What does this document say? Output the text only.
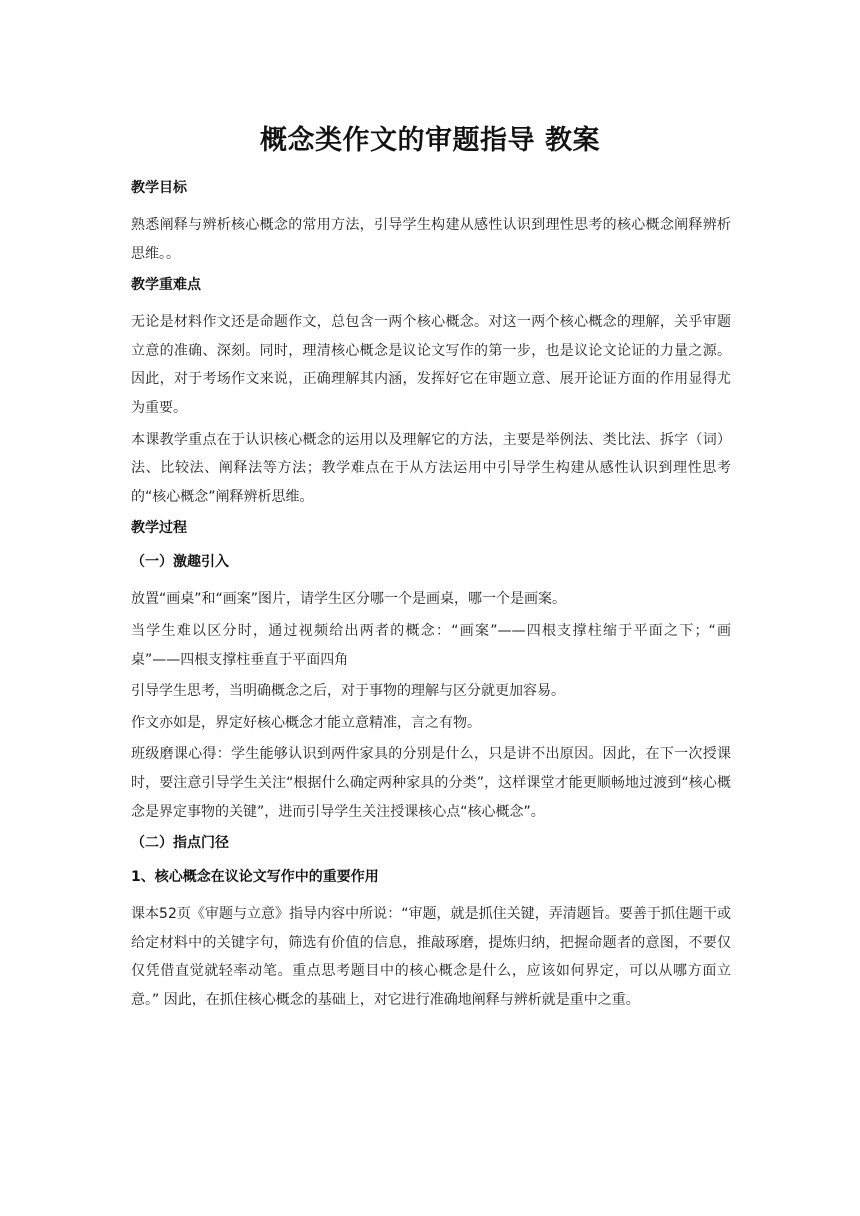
概念类作文的审题指导 教案

教学目标

熟悉阐释与辨析核心概念的常用方法，引导学生构建从感性认识到理性思考的核心概念阐释辨析思维。。

教学重难点

无论是材料作文还是命题作文，总包含一两个核心概念。对这一两个核心概念的理解，关乎审题立意的准确、深刻。同时，理清核心概念是议论文写作的第一步，也是议论文论证的力量之源。因此，对于考场作文来说，正确理解其内涵，发挥好它在审题立意、展开论证方面的作用显得尤为重要。

本课教学重点在于认识核心概念的运用以及理解它的方法，主要是举例法、类比法、拆字（词）法、比较法、阐释法等方法；教学难点在于从方法运用中引导学生构建从感性认识到理性思考的“核心概念”阐释辨析思维。

教学过程

（一）激趣引入

放置“画桌”和“画案”图片，请学生区分哪一个是画桌，哪一个是画案。

当学生难以区分时，通过视频给出两者的概念：“画案”——四根支撑柱缩于平面之下；“画桌”——四根支撑柱垂直于平面四角

引导学生思考，当明确概念之后，对于事物的理解与区分就更加容易。

作文亦如是，界定好核心概念才能立意精准，言之有物。

班级磨课心得：学生能够认识到两件家具的分别是什么，只是讲不出原因。因此，在下一次授课时，要注意引导学生关注“根据什么确定两种家具的分类”，这样课堂才能更顺畅地过渡到“核心概念是界定事物的关键”，进而引导学生关注授课核心点“核心概念”。

（二）指点门径

1、核心概念在议论文写作中的重要作用

课本52页《审题与立意》指导内容中所说：“审题，就是抓住关键，弄清题旨。要善于抓住题干或给定材料中的关键字句，筛选有价值的信息，推敲琢磨，提炼归纳，把握命题者的意图，不要仅仅凭借直觉就轻率动笔。重点思考题目中的核心概念是什么，应该如何界定，可以从哪方面立意。” 因此，在抓住核心概念的基础上，对它进行准确地阐释与辨析就是重中之重。
